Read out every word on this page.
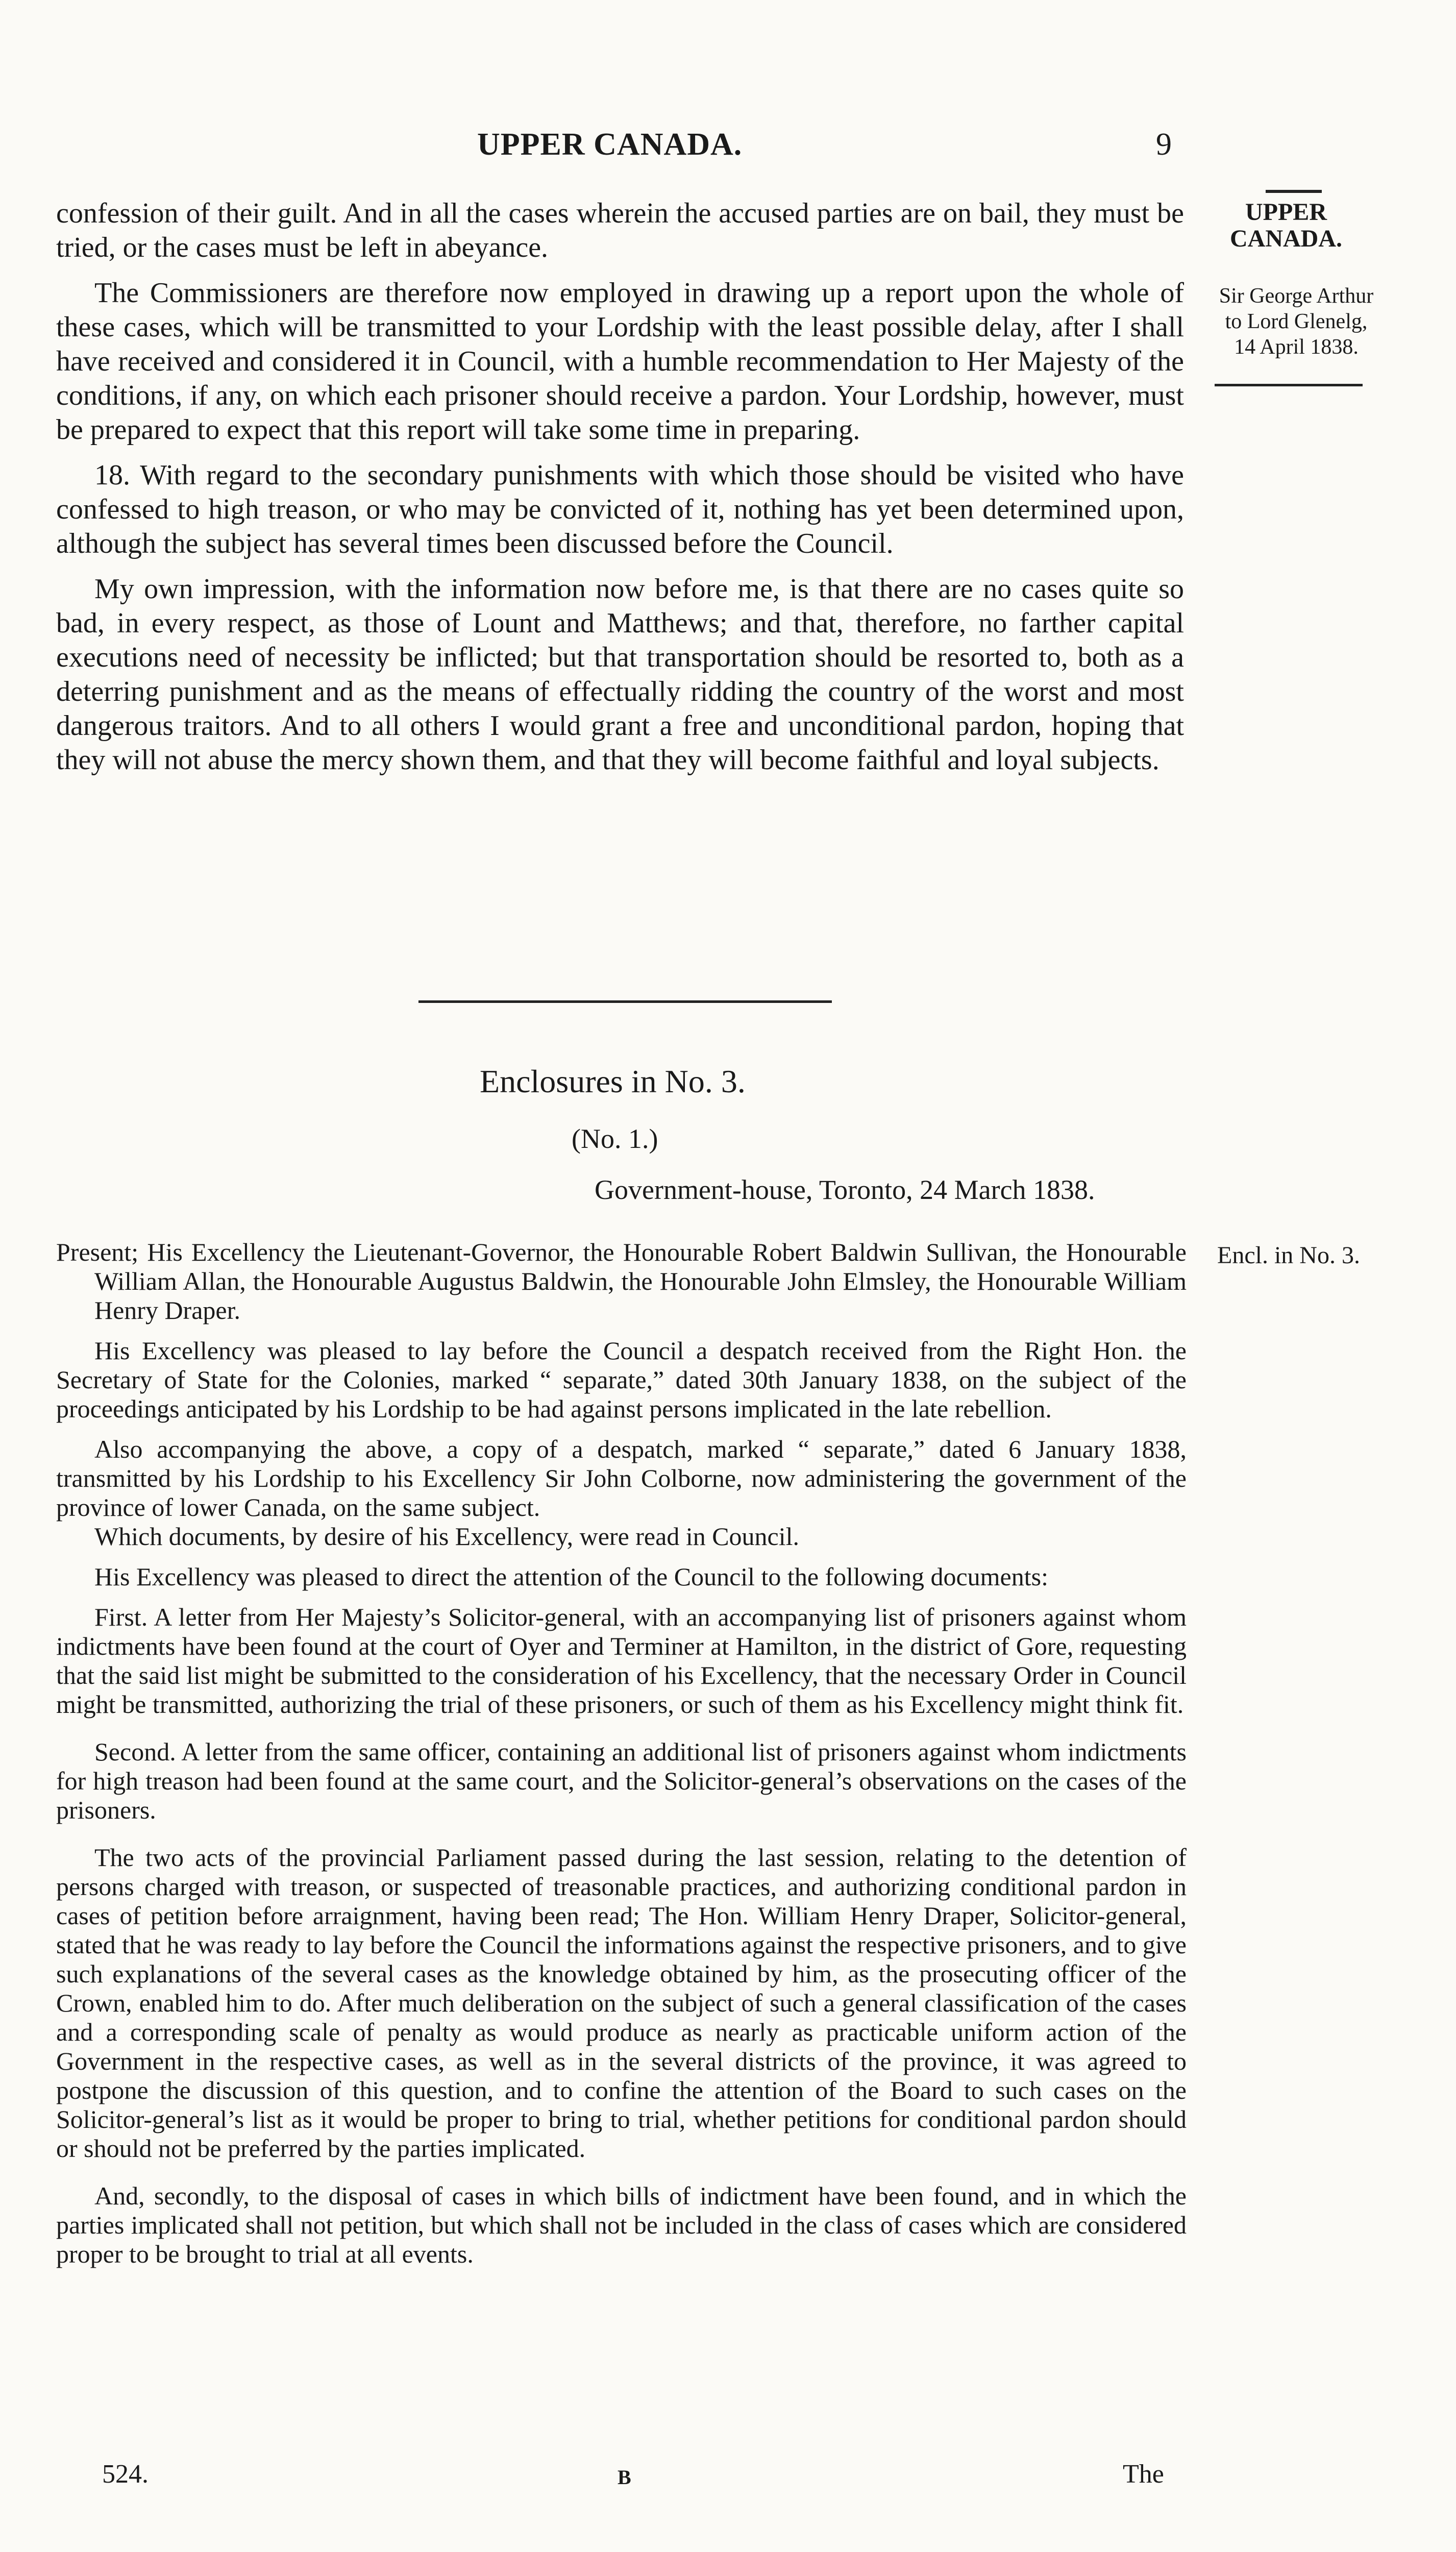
UPPER CANADA.	9
UPPER CANADA.
Sir George Arthur
to Lord Glenelg,
14 April 1838.

confession of their guilt. And in all the cases wherein the accused parties are on bail, they must be tried, or the cases must be left in abeyance.

The Commissioners are therefore now employed in drawing up a report upon the whole of these cases, which will be transmitted to your Lordship with the least possible delay, after I shall have received and considered it in Council, with a humble recommendation to Her Majesty of the conditions, if any, on which each prisoner should receive a pardon. Your Lordship, however, must be prepared to expect that this report will take some time in preparing.

18. With regard to the secondary punishments with which those should be visited who have confessed to high treason, or who may be convicted of it, nothing has yet been determined upon, although the subject has several times been discussed before the Council.

My own impression, with the information now before me, is that there are no cases quite so bad, in every respect, as those of Lount and Matthews; and that, therefore, no farther capital executions need of necessity be inflicted; but that transportation should be resorted to, both as a deterring punishment and as the means of effectually ridding the country of the worst and most dangerous traitors. And to all others I would grant a free and unconditional pardon, hoping that they will not abuse the mercy shown them, and that they will become faithful and loyal subjects.

Enclosures in No. 3.
(No. 1.)
Government-house, Toronto, 24 March 1838.
Encl. in No. 3.

Present; His Excellency the Lieutenant-Governor, the Honourable Robert Baldwin Sullivan, the Honourable William Allan, the Honourable Augustus Baldwin, the Honourable John Elmsley, the Honourable William Henry Draper.

His Excellency was pleased to lay before the Council a despatch received from the Right Hon. the Secretary of State for the Colonies, marked “ separate,” dated 30th January 1838, on the subject of the proceedings anticipated by his Lordship to be had against persons implicated in the late rebellion.

Also accompanying the above, a copy of a despatch, marked “ separate,” dated 6 January 1838, transmitted by his Lordship to his Excellency Sir John Colborne, now administering the government of the province of lower Canada, on the same subject.

Which documents, by desire of his Excellency, were read in Council.

His Excellency was pleased to direct the attention of the Council to the following documents:

First. A letter from Her Majesty’s Solicitor-general, with an accompanying list of prisoners against whom indictments have been found at the court of Oyer and Terminer at Hamilton, in the district of Gore, requesting that the said list might be submitted to the consideration of his Excellency, that the necessary Order in Council might be transmitted, authorizing the trial of these prisoners, or such of them as his Excellency might think fit.

Second. A letter from the same officer, containing an additional list of prisoners against whom indictments for high treason had been found at the same court, and the Solicitor-general’s observations on the cases of the prisoners.

The two acts of the provincial Parliament passed during the last session, relating to the detention of persons charged with treason, or suspected of treasonable practices, and authorizing conditional pardon in cases of petition before arraignment, having been read; The Hon. William Henry Draper, Solicitor-general, stated that he was ready to lay before the Council the informations against the respective prisoners, and to give such explanations of the several cases as the knowledge obtained by him, as the prosecuting officer of the Crown, enabled him to do. After much deliberation on the subject of such a general classification of the cases and a corresponding scale of penalty as would produce as nearly as practicable uniform action of the Government in the respective cases, as well as in the several districts of the province, it was agreed to postpone the discussion of this question, and to confine the attention of the Board to such cases on the Solicitor-general’s list as it would be proper to bring to trial, whether petitions for conditional pardon should or should not be preferred by the parties implicated.

And, secondly, to the disposal of cases in which bills of indictment have been found, and in which the parties implicated shall not petition, but which shall not be included in the class of cases which are considered proper to be brought to trial at all events.

524.	B	The
